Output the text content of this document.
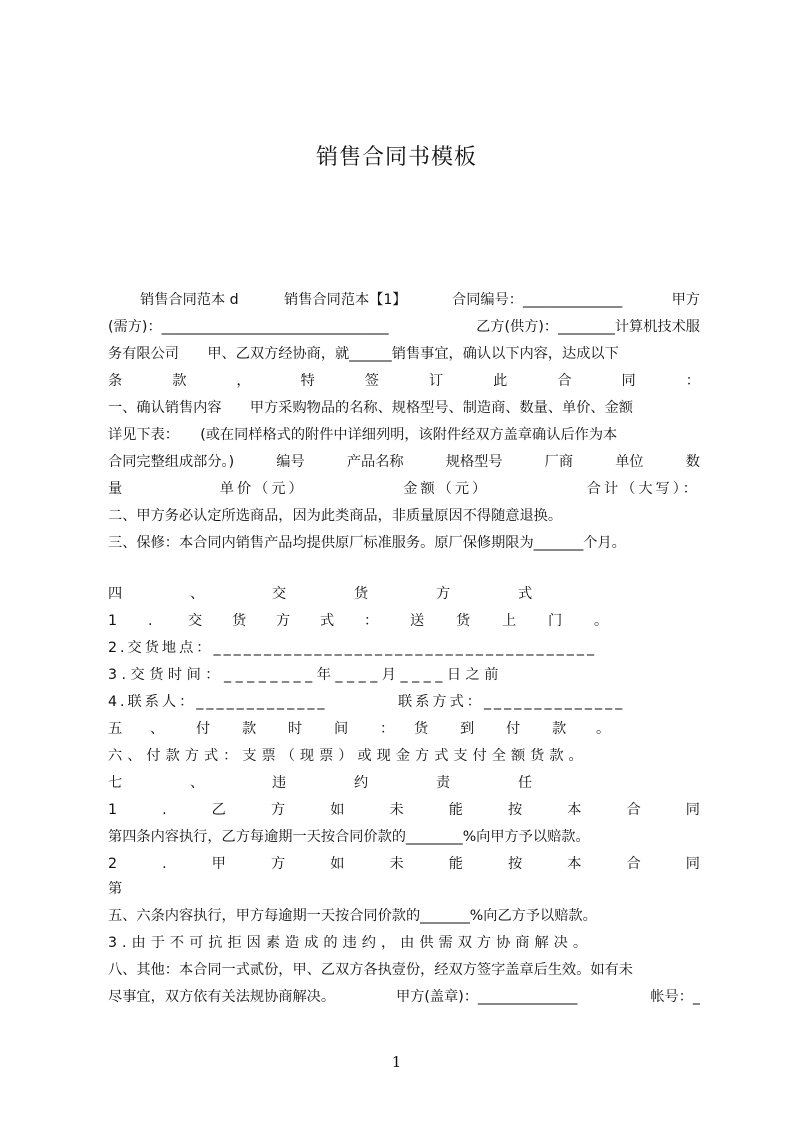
销售合同书模板
销售合同范本 d	销售合同范本【1】	合同编号：______________	甲方
(需方)：________________________________	乙方(供方)：________计算机技术服
务有限公司　　甲、乙双方经协商，就______销售事宜，确认以下内容，达成以下
条	款	，	特	签	订	此	合	同	：
一、确认销售内容　　甲方采购物品的名称、规格型号、制造商、数量、单价、金额
详见下表：　　(或在同样格式的附件中详细列明，该附件经双方盖章确认后作为本
合同完整组成部分。)	编号	产品名称	规格型号	厂商	单位	数
量	单价（元）	金额（元）	合计（大写）：
二、甲方务必认定所选商品，因为此类商品，非质量原因不得随意退换。
三、保修：本合同内销售产品均提供原厂标准服务。原厂保修期限为_______个月。
四	、	交	货	方	式
1 . 交 货 方 式 ： 送 货 上 门 。
2.交货地点：______________________________________
3.交货时间：________年____月____日之前
4.联系人：_____________	联系方式：______________
五 、 付 款 时 间 ： 货 到 付 款 。
六、付款方式：支票（现票）或现金方式支付全额货款。
七	、	违	约	责	任
1	.	乙	方	如	未	能	按	本	合	同
第四条内容执行，乙方每逾期一天按合同价款的________%向甲方予以赔款。
2	.	甲	方	如	未	能	按	本	合	同
第
五、六条内容执行，甲方每逾期一天按合同价款的_______%向乙方予以赔款。
3.由于不可抗拒因素造成的违约，由供需双方协商解决。
八、其他：本合同一式贰份，甲、乙双方各执壹份，经双方签字盖章后生效。如有未
尽事宜，双方依有关法规协商解决。	甲方(盖章)：______________	帐号：_
1
